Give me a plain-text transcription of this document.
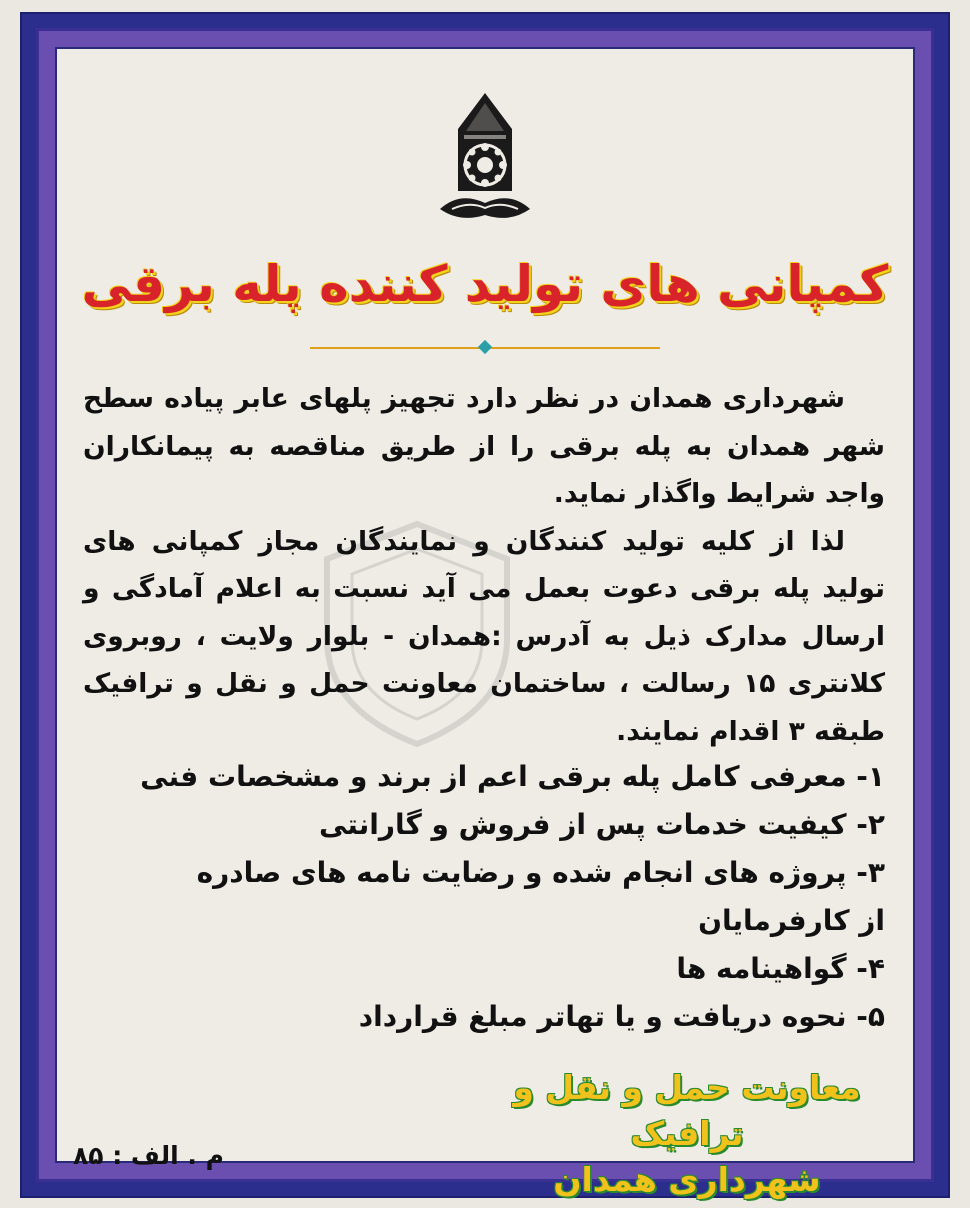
کمپانی های تولید کننده پله برقی

شهرداری همدان در نظر دارد تجهیز پلهای عابر پیاده سطح شهر همدان به پله برقی را از طریق مناقصه به پیمانکاران واجد شرایط واگذار نماید.

لذا از کلیه تولید کنندگان و نمایندگان مجاز کمپانی های تولید پله برقی دعوت بعمل می آید نسبت به اعلام آمادگی و ارسال مدارک ذیل به آدرس :همدان - بلوار ولایت ، روبروی کلانتری ۱۵ رسالت ، ساختمان معاونت حمل و نقل و ترافیک طبقه ۳ اقدام نمایند.

۱- معرفی کامل پله برقی اعم از برند و مشخصات فنی
۲- کیفیت خدمات پس از فروش و گارانتی
۳- پروژه های انجام شده و رضایت نامه های صادره
از کارفرمایان
۴- گواهینامه ها
۵- نحوه دریافت و یا تهاتر مبلغ قرارداد
معاونت حمل و نقل و ترافیک
شهرداری همدان
م . الف : ۸۵
